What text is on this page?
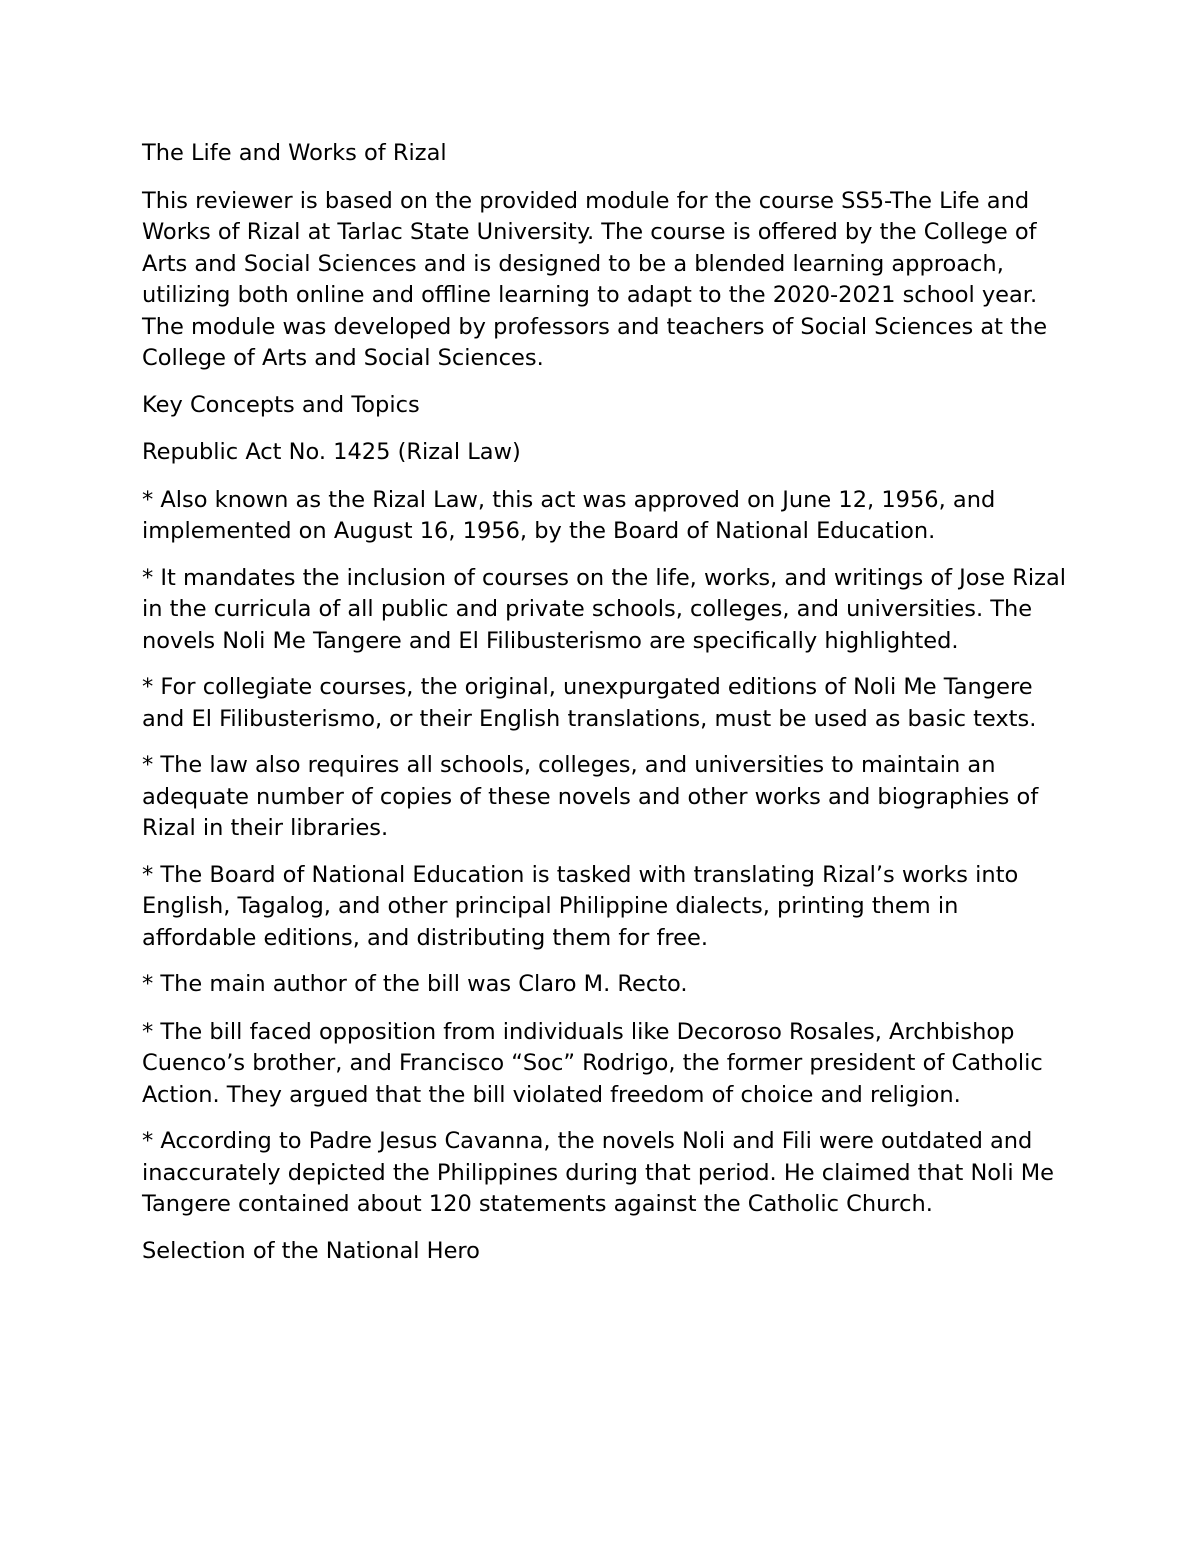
The Life and Works of Rizal

This reviewer is based on the provided module for the course SS5-The Life and Works of Rizal at Tarlac State University. The course is offered by the College of Arts and Social Sciences and is designed to be a blended learning approach, utilizing both online and offline learning to adapt to the 2020-2021 school year. The module was developed by professors and teachers of Social Sciences at the College of Arts and Social Sciences.

Key Concepts and Topics

Republic Act No. 1425 (Rizal Law)

* Also known as the Rizal Law, this act was approved on June 12, 1956, and implemented on August 16, 1956, by the Board of National Education.

* It mandates the inclusion of courses on the life, works, and writings of Jose Rizal in the curricula of all public and private schools, colleges, and universities. The novels Noli Me Tangere and El Filibusterismo are specifically highlighted.

* For collegiate courses, the original, unexpurgated editions of Noli Me Tangere and El Filibusterismo, or their English translations, must be used as basic texts.

* The law also requires all schools, colleges, and universities to maintain an adequate number of copies of these novels and other works and biographies of Rizal in their libraries.

* The Board of National Education is tasked with translating Rizal’s works into English, Tagalog, and other principal Philippine dialects, printing them in affordable editions, and distributing them for free.

* The main author of the bill was Claro M. Recto.

* The bill faced opposition from individuals like Decoroso Rosales, Archbishop Cuenco’s brother, and Francisco “Soc” Rodrigo, the former president of Catholic Action. They argued that the bill violated freedom of choice and religion.

* According to Padre Jesus Cavanna, the novels Noli and Fili were outdated and inaccurately depicted the Philippines during that period. He claimed that Noli Me Tangere contained about 120 statements against the Catholic Church.

Selection of the National Hero
